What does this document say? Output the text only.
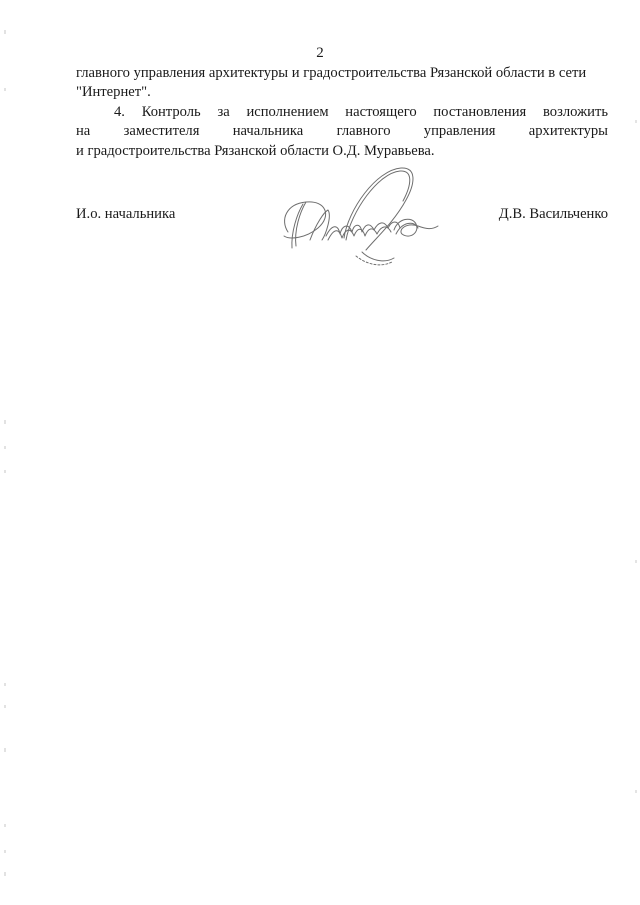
2
главного управления архитектуры и градостроительства Рязанской области в сети
"Интернет".
4. Контроль за исполнением настоящего постановления возложить
на заместителя начальника главного управления архитектуры
и градостроительства Рязанской области О.Д. Муравьева.
И.о. начальника	Д.В. Васильченко
